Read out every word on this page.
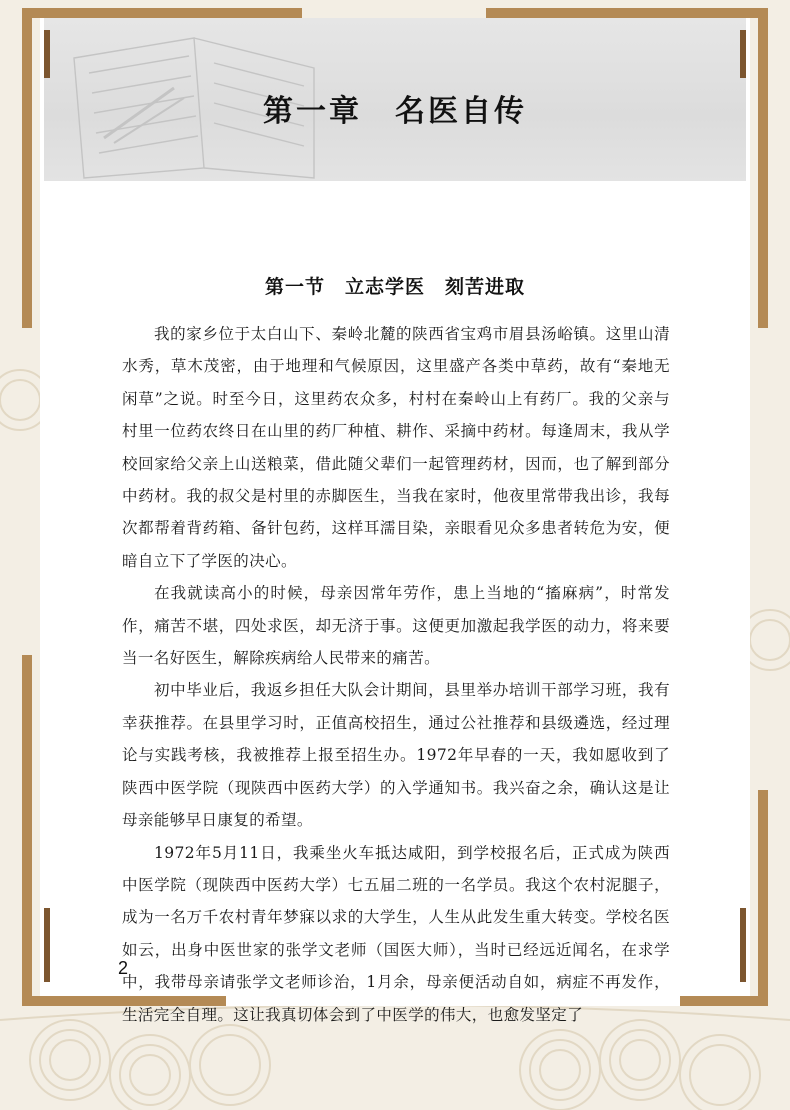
第一章　名医自传
第一节　立志学医　刻苦进取

我的家乡位于太白山下、秦岭北麓的陕西省宝鸡市眉县汤峪镇。这里山清水秀，草木茂密，由于地理和气候原因，这里盛产各类中草药，故有“秦地无闲草”之说。时至今日，这里药农众多，村村在秦岭山上有药厂。我的父亲与村里一位药农终日在山里的药厂种植、耕作、采摘中药材。每逢周末，我从学校回家给父亲上山送粮菜，借此随父辈们一起管理药材，因而，也了解到部分中药材。我的叔父是村里的赤脚医生，当我在家时，他夜里常带我出诊，我每次都帮着背药箱、备针包药，这样耳濡目染，亲眼看见众多患者转危为安，便暗自立下了学医的决心。

在我就读高小的时候，母亲因常年劳作，患上当地的“搐麻病”，时常发作，痛苦不堪，四处求医，却无济于事。这便更加激起我学医的动力，将来要当一名好医生，解除疾病给人民带来的痛苦。

初中毕业后，我返乡担任大队会计期间，县里举办培训干部学习班，我有幸获推荐。在县里学习时，正值高校招生，通过公社推荐和县级遴选，经过理论与实践考核，我被推荐上报至招生办。1972年早春的一天，我如愿收到了陕西中医学院（现陕西中医药大学）的入学通知书。我兴奋之余，确认这是让母亲能够早日康复的希望。

1972年5月11日，我乘坐火车抵达咸阳，到学校报名后，正式成为陕西中医学院（现陕西中医药大学）七五届二班的一名学员。我这个农村泥腿子，成为一名万千农村青年梦寐以求的大学生，人生从此发生重大转变。学校名医如云，出身中医世家的张学文老师（国医大师），当时已经远近闻名，在求学中，我带母亲请张学文老师诊治，1月余，母亲便活动自如，病症不再发作，生活完全自理。这让我真切体会到了中医学的伟大，也愈发坚定了

2
